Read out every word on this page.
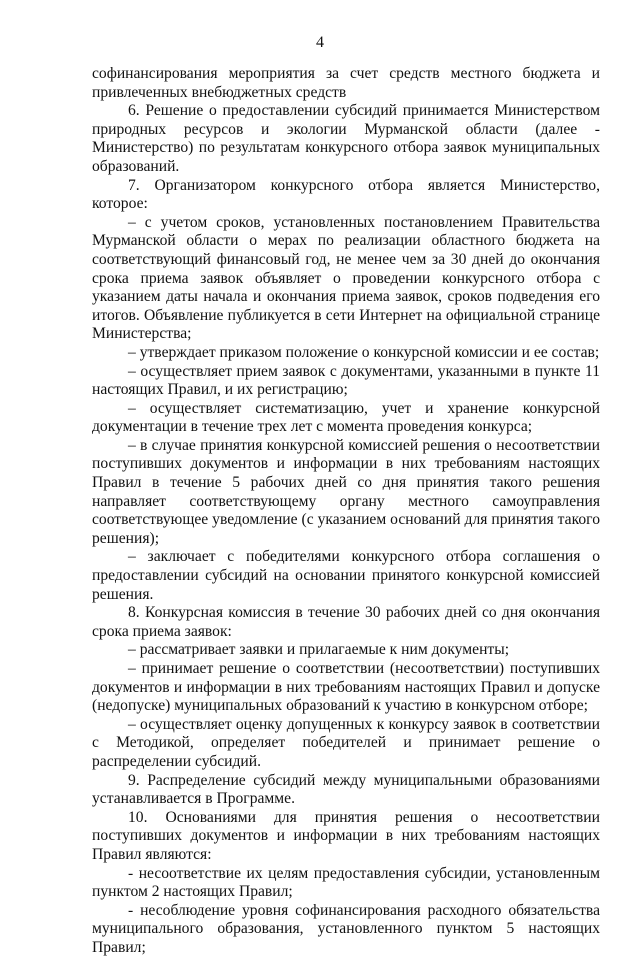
4

софинансирования мероприятия за счет средств местного бюджета и привлеченных внебюджетных средств

6. Решение о предоставлении субсидий принимается Министерством природных ресурсов и экологии Мурманской области (далее - Министерство) по результатам конкурсного отбора заявок муниципальных образований.

7. Организатором конкурсного отбора является Министерство, которое:

– с учетом сроков, установленных постановлением Правительства Мурманской области о мерах по реализации областного бюджета на соответствующий финансовый год, не менее чем за 30 дней до окончания срока приема заявок объявляет о проведении конкурсного отбора с указанием даты начала и окончания приема заявок, сроков подведения его итогов. Объявление публикуется в сети Интернет на официальной странице Министерства;

– утверждает приказом положение о конкурсной комиссии и ее состав;

– осуществляет прием заявок с документами, указанными в пункте 11 настоящих Правил, и их регистрацию;

– осуществляет систематизацию, учет и хранение конкурсной документации в течение трех лет с момента проведения конкурса;

– в случае принятия конкурсной комиссией решения о несоответствии поступивших документов и информации в них требованиям настоящих Правил в течение 5 рабочих дней со дня принятия такого решения направляет соответствующему органу местного самоуправления соответствующее уведомление (с указанием оснований для принятия такого решения);

– заключает с победителями конкурсного отбора соглашения о предоставлении субсидий на основании принятого конкурсной комиссией решения.

8. Конкурсная комиссия в течение 30 рабочих дней со дня окончания срока приема заявок:

– рассматривает заявки и прилагаемые к ним документы;

– принимает решение о соответствии (несоответствии) поступивших документов и информации в них требованиям настоящих Правил и допуске (недопуске) муниципальных образований к участию в конкурсном отборе;

– осуществляет оценку допущенных к конкурсу заявок в соответствии с Методикой, определяет победителей и принимает решение о распределении субсидий.

9. Распределение субсидий между муниципальными образованиями устанавливается в Программе.

10. Основаниями для принятия решения о несоответствии поступивших документов и информации в них требованиям настоящих Правил являются:

- несоответствие их целям предоставления субсидии, установленным пунктом 2 настоящих Правил;

- несоблюдение уровня софинансирования расходного обязательства муниципального образования, установленного пунктом 5 настоящих Правил;
